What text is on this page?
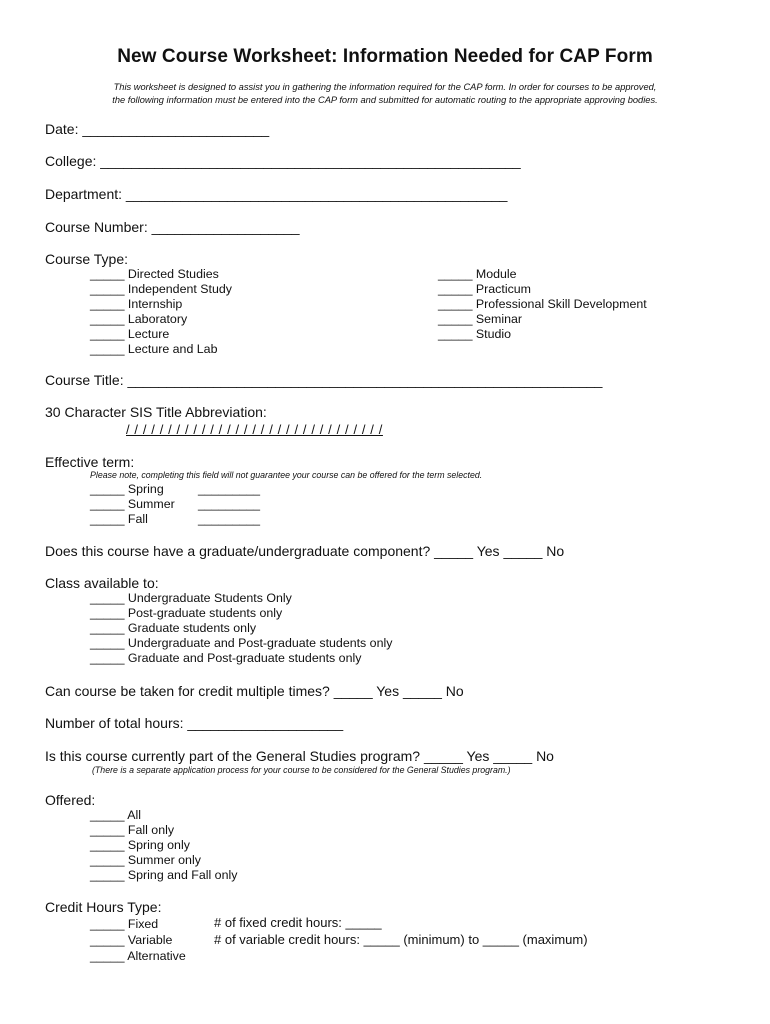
New Course Worksheet: Information Needed for CAP Form
This worksheet is designed to assist you in gathering the information required for the CAP form. In order for courses to be approved,
the following information must be entered into the CAP form and submitted for automatic routing to the appropriate approving bodies.
Date: ________________________
College: ______________________________________________________
Department: _________________________________________________
Course Number: ___________________
Course Type:
_____ Directed Studies
_____ Independent Study
_____ Internship
_____ Laboratory
_____ Lecture
_____ Lecture and Lab
_____ Module
_____ Practicum
_____ Professional Skill Development
_____ Seminar
_____ Studio
Course Title: _____________________________________________________________
30 Character SIS Title Abbreviation:
/ / / / / / / / / / / / / / / / / / / / / / / / / / / / / / /
Effective term:
Please note, completing this field will not guarantee your course can be offered for the term selected.
_____ Spring
_____ Summer
_____ Fall
_________
_________
_________
Does this course have a graduate/undergraduate component? _____ Yes _____ No
Class available to:
_____ Undergraduate Students Only
_____ Post-graduate students only
_____ Graduate students only
_____ Undergraduate and Post-graduate students only
_____ Graduate and Post-graduate students only
Can course be taken for credit multiple times? _____ Yes _____ No
Number of total hours: ____________________
Is this course currently part of the General Studies program? _____ Yes _____ No
(There is a separate application process for your course to be considered for the General Studies program.)
Offered:
_____ All
_____ Fall only
_____ Spring only
_____ Summer only
_____ Spring and Fall only
Credit Hours Type:
_____ Fixed
_____ Variable
_____ Alternative
# of fixed credit hours: _____
# of variable credit hours: _____ (minimum) to _____ (maximum)
